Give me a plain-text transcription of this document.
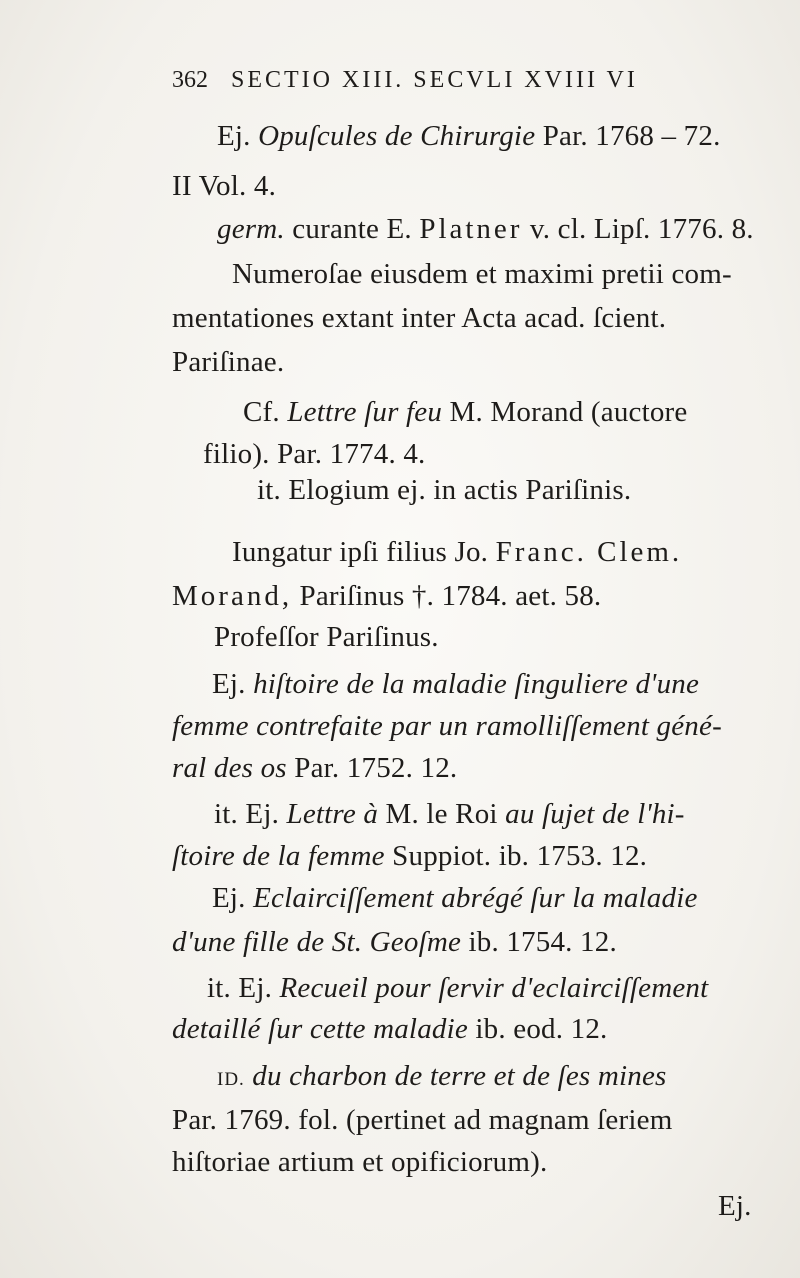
362 SECTIO XIII. SECVLI XVIII VI
Ej. Opuſcules de Chirurgie Par. 1768 – 72.
II Vol. 4.
germ. curante E. Platner v. cl. Lipſ. 1776. 8.
Numeroſae eiusdem et maximi pretii com-
mentationes extant inter Acta acad. ſcient.
Pariſinae.
Cf. Lettre ſur feu M. Morand (auctore
filio). Par. 1774. 4.
it. Elogium ej. in actis Pariſinis.
Iungatur ipſi filius Jo. Franc. Clem.
Morand, Pariſinus †. 1784. aet. 58.
Profeſſor Pariſinus.
Ej. hiſtoire de la maladie ſinguliere d'une
femme contrefaite par un ramolliſſement géné-
ral des os Par. 1752. 12.
it. Ej. Lettre à M. le Roi au ſujet de l'hi-
ſtoire de la femme Suppiot. ib. 1753. 12.
Ej. Eclairciſſement abrégé ſur la maladie
d'une fille de St. Geoſme ib. 1754. 12.
it. Ej. Recueil pour ſervir d'eclairciſſement
detaillé ſur cette maladie ib. eod. 12.
ID. du charbon de terre et de ſes mines
Par. 1769. fol. (pertinet ad magnam ſeriem
hiſtoriae artium et opificiorum).
Ej.
